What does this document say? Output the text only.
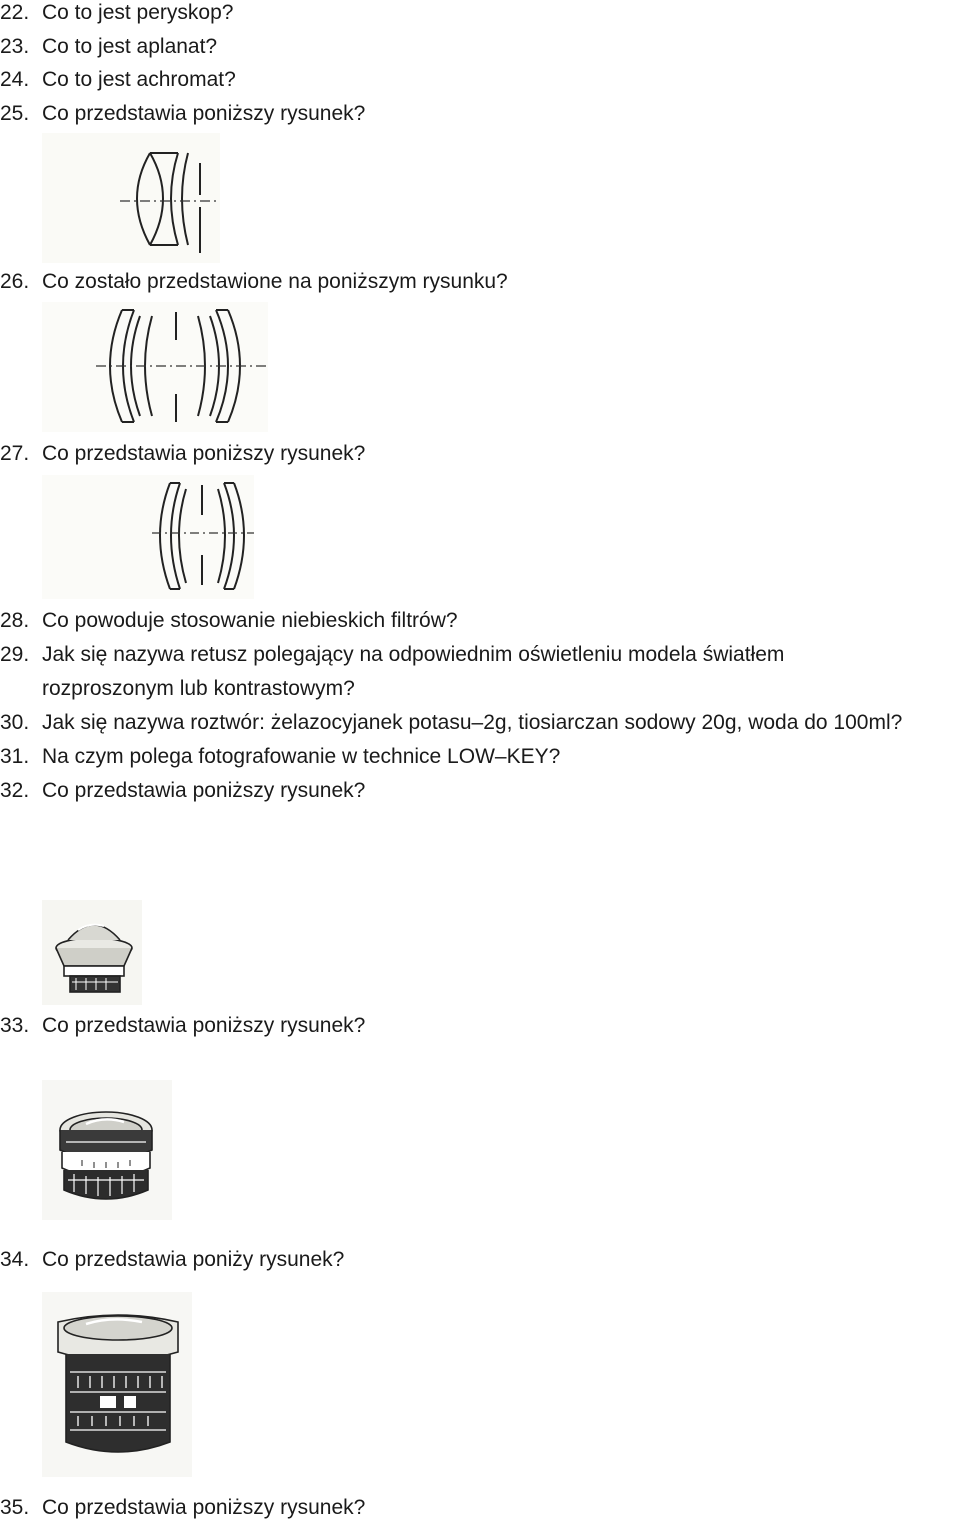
22. Co to jest peryskop?
23. Co to jest aplanat?
24. Co to jest achromat?
25. Co przedstawia poniższy rysunek?
26. Co zostało przedstawione na poniższym rysunku?
27. Co przedstawia poniższy rysunek?
28. Co powoduje stosowanie niebieskich filtrów?
29. Jak się nazywa retusz polegający na odpowiednim oświetleniu modela światłem
rozproszonym lub kontrastowym?
30. Jak się nazywa roztwór: żelazocyjanek potasu–2g, tiosiarczan sodowy 20g, woda do 100ml?
31. Na czym polega fotografowanie w technice LOW–KEY?
32. Co przedstawia poniższy rysunek?
33. Co przedstawia poniższy rysunek?
34. Co przedstawia poniży rysunek?
35. Co przedstawia poniższy rysunek?
